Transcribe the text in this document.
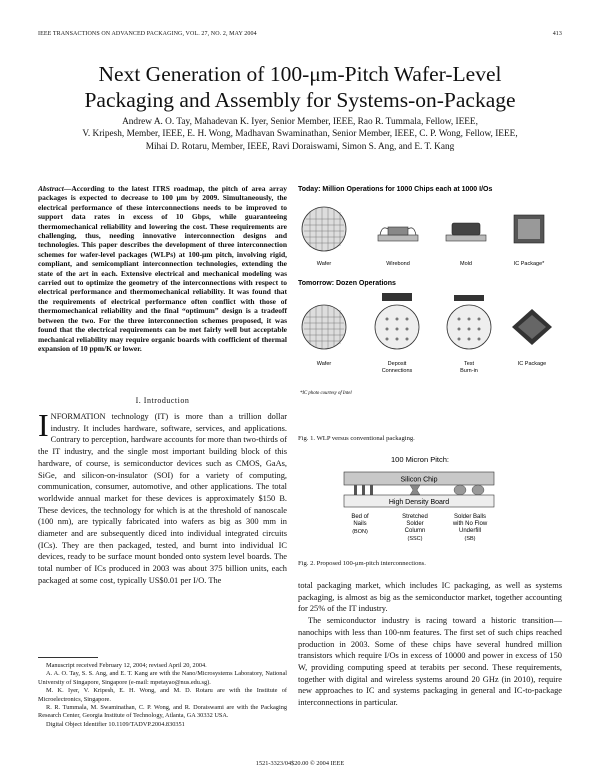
IEEE TRANSACTIONS ON ADVANCED PACKAGING, VOL. 27, NO. 2, MAY 2004	413
Next Generation of 100-μm-Pitch Wafer-Level
Packaging and Assembly for Systems-on-Package
Andrew A. O. Tay, Mahadevan K. Iyer, Senior Member, IEEE, Rao R. Tummala, Fellow, IEEE,
V. Kripesh, Member, IEEE, E. H. Wong, Madhavan Swaminathan, Senior Member, IEEE, C. P. Wong, Fellow, IEEE,
Mihai D. Rotaru, Member, IEEE, Ravi Doraiswami, Simon S. Ang, and E. T. Kang
Abstract—According to the latest ITRS roadmap, the pitch of area array packages is expected to decrease to 100 μm by 2009. Simultaneously, the electrical performance of these interconnections needs to be improved to support data rates in excess of 10 Gbps, while guaranteeing thermomechanical reliability and lowering the cost. These requirements are challenging, thus, needing innovative interconnection designs and technologies. This paper describes the development of three interconnection schemes for wafer-level packages (WLPs) at 100-μm pitch, involving rigid, compliant, and semicompliant interconnection technologies, extending the state of the art in each. Extensive electrical and mechanical modeling was carried out to optimize the geometry of the interconnections with respect to electrical performance and thermomechanical reliability. It was found that the requirements of electrical performance often conflict with those of thermomechanical reliability and the final “optimum” design is a tradeoff between the two. For the three interconnection schemes proposed, it was found that the electrical requirements can be met fairly well but acceptable mechanical reliability may require organic boards with coefficient of thermal expansion of 10 ppm/K or lower.
I. Introduction
INFORMATION technology (IT) is more than a trillion dollar industry. It includes hardware, software, services, and applications. Contrary to perception, hardware accounts for more than two-thirds of the IT industry, and the single most important building block of this hardware, of course, is semiconductor devices such as CMOS, GaAs, SiGe, and silicon-on-insulator (SOI) for a variety of computing, communication, consumer, automotive, and other applications. The total worldwide annual market for these devices is approximately $150 B. These devices, the technology for which is at the threshold of nanoscale (100 nm), are typically fabricated into wafers as big as 300 mm in diameter and are subsequently diced into individual integrated circuits (ICs). They are then packaged, tested, and burnt into individual IC devices, ready to be surface mount bonded onto system level boards. The total number of ICs produced in 2003 was about 375 billion units, each packaged at some cost, typically US$0.01 per I/O. The

Manuscript received February 12, 2004; revised April 20, 2004.

A. A. O. Tay, S. S. Ang, and E. T. Kang are with the Nano/Microsystems Laboratory, National University of Singapore, Singapore (e-mail: mpetayao@nus.edu.sg).

M. K. Iyer, V. Kripesh, E. H. Wong, and M. D. Rotaru are with the Institute of Microelectronics, Singapore.

R. R. Tummala, M. Swaminathan, C. P. Wong, and R. Doraiswami are with the Packaging Research Center, Georgia Institute of Technology, Atlanta, GA 30332 USA.

Digital Object Identifier 10.1109/TADVP.2004.830351

Today: Million Operations for 1000 Chips each at 1000 I/Os
Wafer	Wirebond	Mold	IC Package*
Tomorrow: Dozen Operations
Wafer	Deposit
Connections
Test
Burn-in
IC Package
*IC photo courtesy of Intel
Fig. 1. WLP versus conventional packaging.
100 Micron Pitch:
Silicon Chip
High Density Board
Bed of
Nails
(BON)
Stretched
Solder
Column
(SSC)
Solder Balls
with No Flow
Underfill
(SB)
Fig. 2. Proposed 100-μm-pitch interconnections.

total packaging market, which includes IC packaging, as well as systems packaging, is almost as big as the semiconductor market, together accounting for 25% of the IT industry.

The semiconductor industry is racing toward a historic transition—nanochips with less than 100-nm features. The first set of such chips reached production in 2003. Some of these chips have several hundred million transistors which require I/Os in excess of 10000 and power in excess of 150 W, providing computing speed at terabits per second. These requirements, together with digital and wireless systems around 20 GHz (in 2010), require new approaches to IC and systems packaging in general and IC-to-package interconnections in particular.

1521-3323/04$20.00 © 2004 IEEE
